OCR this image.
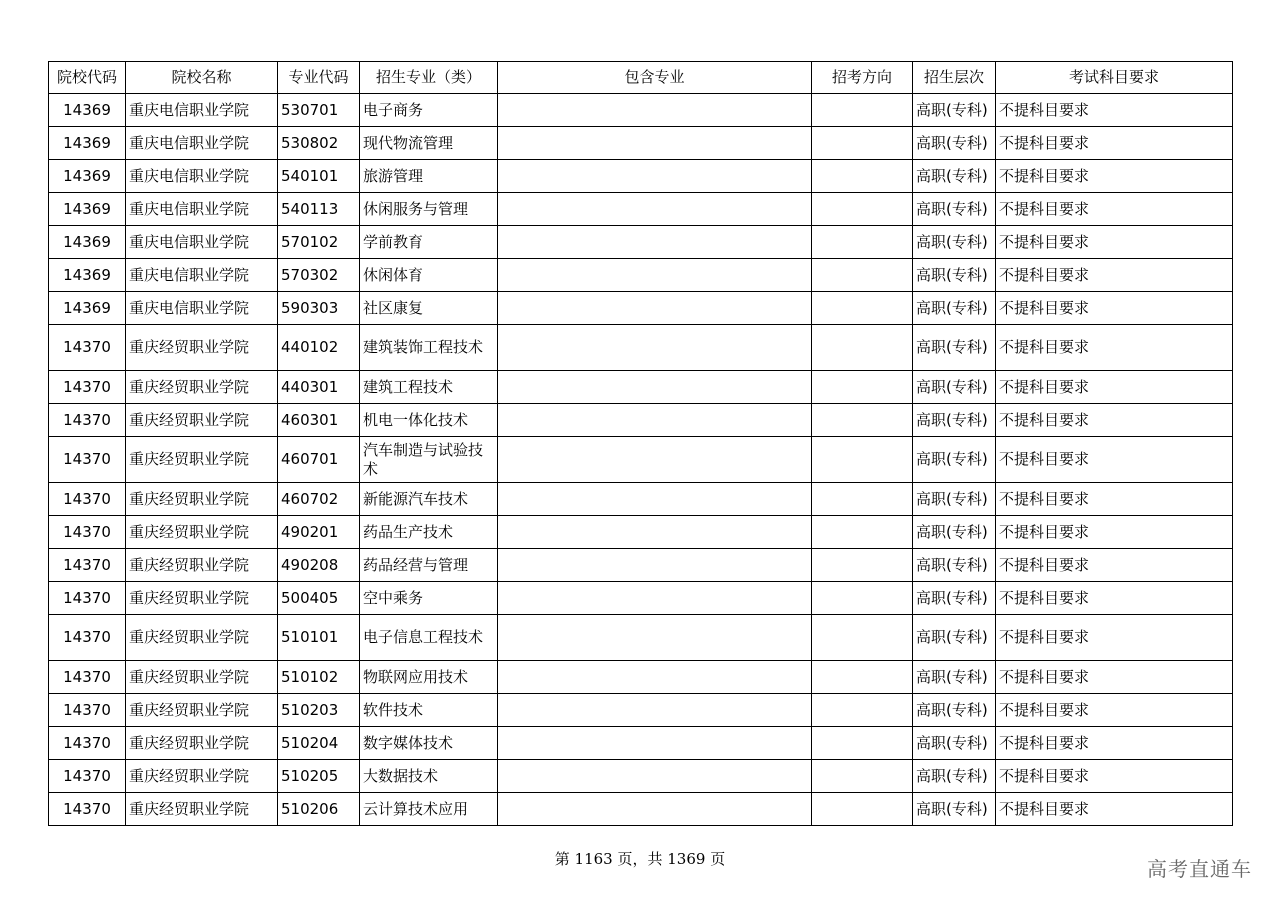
院校代码	院校名称	专业代码	招生专业（类）	包含专业	招考方向	招生层次	考试科目要求
14369	重庆电信职业学院	530701	电子商务			高职(专科)	不提科目要求
14369	重庆电信职业学院	530802	现代物流管理			高职(专科)	不提科目要求
14369	重庆电信职业学院	540101	旅游管理			高职(专科)	不提科目要求
14369	重庆电信职业学院	540113	休闲服务与管理			高职(专科)	不提科目要求
14369	重庆电信职业学院	570102	学前教育			高职(专科)	不提科目要求
14369	重庆电信职业学院	570302	休闲体育			高职(专科)	不提科目要求
14369	重庆电信职业学院	590303	社区康复			高职(专科)	不提科目要求
14370	重庆经贸职业学院	440102	建筑装饰工程技术			高职(专科)	不提科目要求
14370	重庆经贸职业学院	440301	建筑工程技术			高职(专科)	不提科目要求
14370	重庆经贸职业学院	460301	机电一体化技术			高职(专科)	不提科目要求
14370	重庆经贸职业学院	460701	汽车制造与试验技术			高职(专科)	不提科目要求
14370	重庆经贸职业学院	460702	新能源汽车技术			高职(专科)	不提科目要求
14370	重庆经贸职业学院	490201	药品生产技术			高职(专科)	不提科目要求
14370	重庆经贸职业学院	490208	药品经营与管理			高职(专科)	不提科目要求
14370	重庆经贸职业学院	500405	空中乘务			高职(专科)	不提科目要求
14370	重庆经贸职业学院	510101	电子信息工程技术			高职(专科)	不提科目要求
14370	重庆经贸职业学院	510102	物联网应用技术			高职(专科)	不提科目要求
14370	重庆经贸职业学院	510203	软件技术			高职(专科)	不提科目要求
14370	重庆经贸职业学院	510204	数字媒体技术			高职(专科)	不提科目要求
14370	重庆经贸职业学院	510205	大数据技术			高职(专科)	不提科目要求
14370	重庆经贸职业学院	510206	云计算技术应用			高职(专科)	不提科目要求
第 1163 页，共 1369 页	高考直通车
